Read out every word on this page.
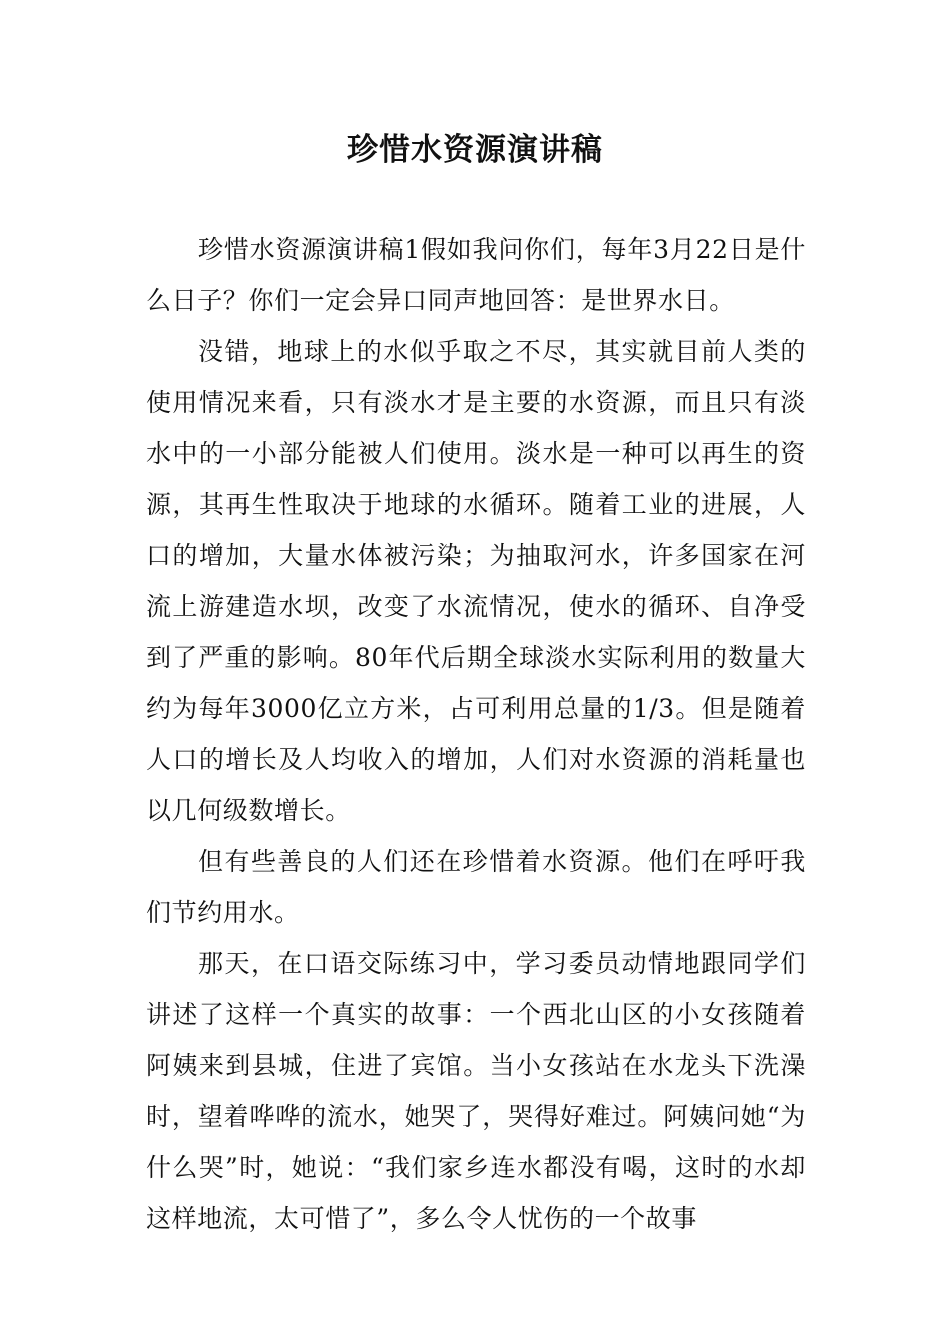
珍惜水资源演讲稿

珍惜水资源演讲稿1假如我问你们，每年3月22日是什么日子？你们一定会异口同声地回答：是世界水日。

没错，地球上的水似乎取之不尽，其实就目前人类的使用情况来看，只有淡水才是主要的水资源，而且只有淡水中的一小部分能被人们使用。淡水是一种可以再生的资源，其再生性取决于地球的水循环。随着工业的进展，人口的增加，大量水体被污染；为抽取河水，许多国家在河流上游建造水坝，改变了水流情况，使水的循环、自净受到了严重的影响。80年代后期全球淡水实际利用的数量大约为每年3000亿立方米，占可利用总量的1/3。但是随着人口的增长及人均收入的增加，人们对水资源的消耗量也以几何级数增长。

但有些善良的人们还在珍惜着水资源。他们在呼吁我们节约用水。

那天，在口语交际练习中，学习委员动情地跟同学们讲述了这样一个真实的故事：一个西北山区的小女孩随着阿姨来到县城，住进了宾馆。当小女孩站在水龙头下洗澡时，望着哗哗的流水，她哭了，哭得好难过。阿姨问她“为什么哭”时，她说：“我们家乡连水都没有喝，这时的水却这样地流，太可惜了”，多么令人忧伤的一个故事
